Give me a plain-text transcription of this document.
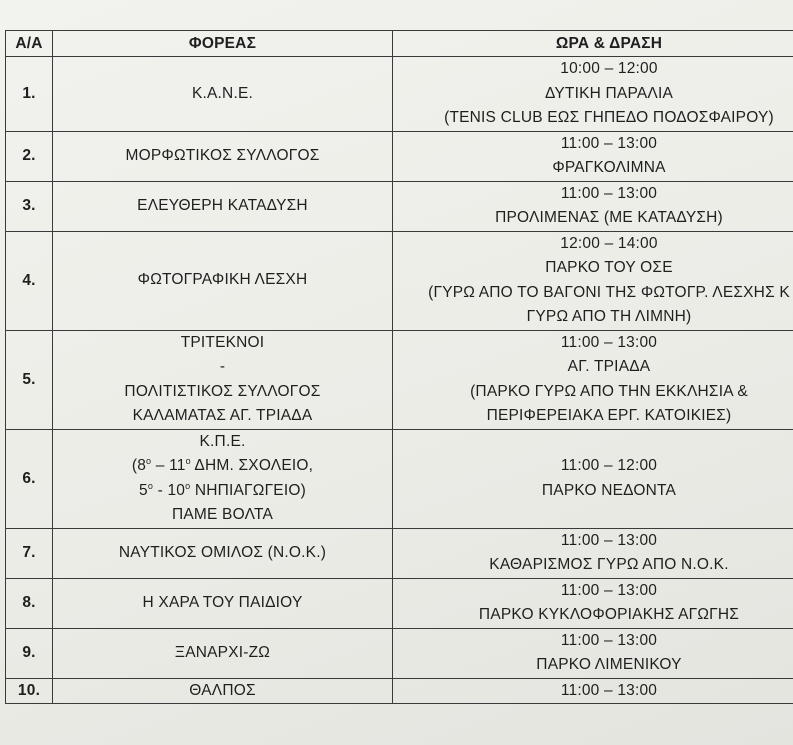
Α/Α	ΦΟΡΕΑΣ	ΩΡΑ & ΔΡΑΣΗ
1.	Κ.Α.Ν.Ε.	10:00 – 12:00
ΔΥΤΙΚΗ ΠΑΡΑΛΙΑ
(TENIS CLUB ΕΩΣ ΓΗΠΕΔΟ ΠΟΔΟΣΦΑΙΡΟΥ)

2.	ΜΟΡΦΩΤΙΚΟΣ ΣΥΛΛΟΓΟΣ	11:00 – 13:00
ΦΡΑΓΚΟΛΙΜΝΑ

3.	ΕΛΕΥΘΕΡΗ ΚΑΤΑΔΥΣΗ	11:00 – 13:00
ΠΡΟΛΙΜΕΝΑΣ (ΜΕ ΚΑΤΑΔΥΣΗ)

4.	ΦΩΤΟΓΡΑΦΙΚΗ ΛΕΣΧΗ	12:00 – 14:00
ΠΑΡΚΟ ΤΟΥ ΟΣΕ
(ΓΥΡΩ ΑΠΟ ΤΟ ΒΑΓΟΝΙ ΤΗΣ ΦΩΤΟΓΡ. ΛΕΣΧΗΣ Κ
ΓΥΡΩ ΑΠΟ ΤΗ ΛΙΜΝΗ)

5.	ΤΡΙΤΕΚΝΟΙ
-
ΠΟΛΙΤΙΣΤΙΚΟΣ ΣΥΛΛΟΓΟΣ
ΚΑΛΑΜΑΤΑΣ ΑΓ. ΤΡΙΑΔΑ	11:00 – 13:00
ΑΓ. ΤΡΙΑΔΑ
(ΠΑΡΚΟ ΓΥΡΩ ΑΠΟ ΤΗΝ ΕΚΚΛΗΣΙΑ &
ΠΕΡΙΦΕΡΕΙΑΚΑ ΕΡΓ. ΚΑΤΟΙΚΙΕΣ)

6.	Κ.Π.Ε.
($8^o - 11^o$ ΔΗΜ. ΣΧΟΛΕΙΟ,
$5^o - 10^o$ ΝΗΠΙΑΓΩΓΕΙΟ)
ΠΑΜΕ ΒΟΛΤΑ	11:00 – 12:00
ΠΑΡΚΟ ΝΕΔΟΝΤΑ

7.	ΝΑΥΤΙΚΟΣ ΟΜΙΛΟΣ (Ν.Ο.Κ.)	11:00 – 13:00
ΚΑΘΑΡΙΣΜΟΣ ΓΥΡΩ ΑΠΟ Ν.Ο.Κ.

8.	Η ΧΑΡΑ ΤΟΥ ΠΑΙΔΙΟΥ	11:00 – 13:00
ΠΑΡΚΟ ΚΥΚΛΟΦΟΡΙΑΚΗΣ ΑΓΩΓΗΣ

9.	ΞΑΝΑΡΧΙ-ΖΩ	11:00 – 13:00
ΠΑΡΚΟ ΛΙΜΕΝΙΚΟΥ

10.	ΘΑΛΠΟΣ	11:00 – 13:00
